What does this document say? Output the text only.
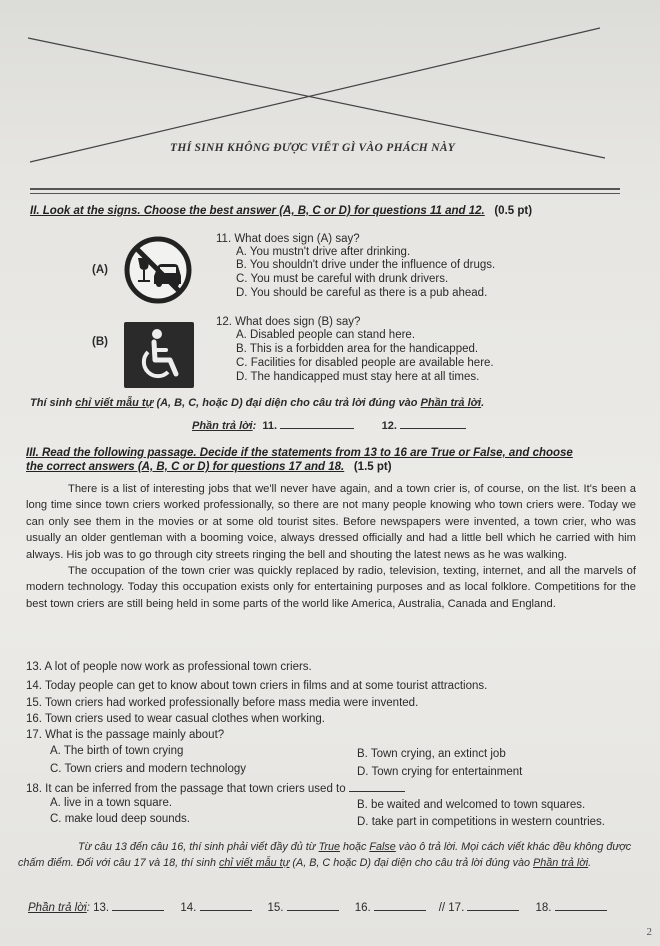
THÍ SINH KHÔNG ĐƯỢC VIẾT GÌ VÀO PHÁCH NÀY
II. Look at the signs. Choose the best answer (A, B, C or D) for questions 11 and 12. (0.5 pt)
(A)
11. What does sign (A) say?
A. You mustn't drive after drinking.
B. You shouldn't drive under the influence of drugs.
C. You must be careful with drunk drivers.
D. You should be careful as there is a pub ahead.
(B)
12. What does sign (B) say?
A. Disabled people can stand here.
B. This is a forbidden area for the handicapped.
C. Facilities for disabled people are available here.
D. The handicapped must stay here at all times.
Thí sinh chỉ viết mẫu tự (A, B, C, hoặc D) đại diện cho câu trả lời đúng vào Phần trả lời.
Phần trả lời:  11.	12.
III. Read the following passage. Decide if the statements from 13 to 16 are True or False, and choose
the correct answers (A, B, C or D) for questions 17 and 18. (1.5 pt)

There is a list of interesting jobs that we'll never have again, and a town crier is, of course, on the list. It's been a long time since town criers worked professionally, so there are not many people knowing who town criers were. Today we can only see them in the movies or at some old tourist sites. Before newspapers were invented, a town crier, who was usually an older gentleman with a booming voice, always dressed officially and had a little bell which he carried with him always. His job was to go through city streets ringing the bell and shouting the latest news as he was walking.

The occupation of the town crier was quickly replaced by radio, television, texting, internet, and all the marvels of modern technology. Today this occupation exists only for entertaining purposes and as local folklore. Competitions for the best town criers are still being held in some parts of the world like America, Australia, Canada and England.

13. A lot of people now work as professional town criers.
14. Today people can get to know about town criers in films and at some tourist attractions.
15. Town criers had worked professionally before mass media were invented.
16. Town criers used to wear casual clothes when working.
17. What is the passage mainly about?
A. The birth of town crying	B. Town crying, an extinct job
C. Town criers and modern technology	D. Town crying for entertainment
18. It can be inferred from the passage that town criers used to
A. live in a town square.	B. be waited and welcomed to town squares.
C. make loud deep sounds.	D. take part in competitions in western countries.

Từ câu 13 đến câu 16, thí sinh phải viết đầy đủ từ True hoặc False vào ô trả lời. Mọi cách viết khác đều không được chấm điểm. Đối với câu 17 và 18, thí sinh chỉ viết mẫu tự (A, B, C hoặc D) đại diện cho câu trả lời đúng vào Phần trả lời.

Phần trả lời: 13.	14.	15.	16.	// 17.	18.
2
